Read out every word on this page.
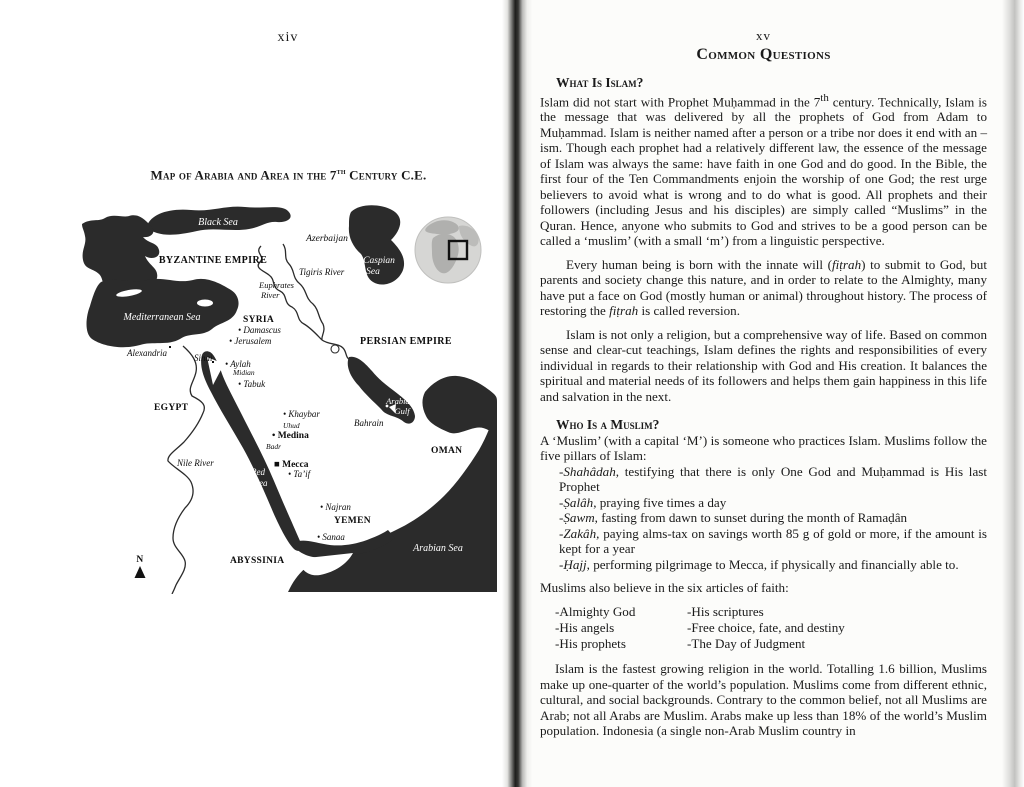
xiv
Map of Arabia and Area in the 7th Century C.E.
N
Black Sea
BYZANTINE EMPIRE
Azerbaijan
Caspian
Sea
Tigiris River
Euphrates
River
Mediterranean Sea	SYRIA
• Damascus
• Jerusalem	PERSIAN EMPIRE
Alexandria	Sinai
• Aylah
Midian
• Tabuk
EGYPT
• Khaybar
Arabian
Gulf
Bahrain
Uhud
• Medina
Badr	OMAN
Nile River	■ Mecca
Red
Sea
• Ta’if
• Najran
YEMEN
• Sanaa
Arabian Sea
ABYSSINIA
xv
Common Questions
What Is Islam?

Islam did not start with Prophet Muḥammad in the 7th century. Technically, Islam is the message that was delivered by all the prophets of God from Adam to Muḥammad. Islam is neither named after a person or a tribe nor does it end with an –ism. Though each prophet had a relatively different law, the essence of the message of Islam was always the same: have faith in one God and do good. In the Bible, the first four of the Ten Commandments enjoin the worship of one God; the rest urge believers to avoid what is wrong and to do what is good. All prophets and their followers (including Jesus and his disciples) are simply called “Muslims” in the Quran. Hence, anyone who submits to God and strives to be a good person can be called a ‘muslim’ (with a small ‘m’) from a linguistic perspective.

Every human being is born with the innate will (fiṭrah) to submit to God, but parents and society change this nature, and in order to relate to the Almighty, many have put a face on God (mostly human or animal) throughout history. The process of restoring the fiṭrah is called reversion.

Islam is not only a religion, but a comprehensive way of life. Based on common sense and clear-cut teachings, Islam defines the rights and responsibilities of every individual in regards to their relationship with God and His creation. It balances the spiritual and material needs of its followers and helps them gain happiness in this life and salvation in the next.

Who Is a Muslim?

A ‘Muslim’ (with a capital ‘M’) is someone who practices Islam. Muslims follow the five pillars of Islam:

-Shahâdah, testifying that there is only One God and Muḥammad is His last Prophet
-Ṣalâh, praying five times a day
-Ṣawm, fasting from dawn to sunset during the month of Ramaḍân
-Zakâh, paying alms-tax on savings worth 85 g of gold or more, if the amount is kept for a year
-Ḥajj, performing pilgrimage to Mecca, if physically and financially able to.

Muslims also believe in the six articles of faith:

-Almighty God	-His scriptures
-His angels	-Free choice, fate, and destiny
-His prophets	-The Day of Judgment

Islam is the fastest growing religion in the world. Totalling 1.6 billion, Muslims make up one-quarter of the world’s population. Muslims come from different ethnic, cultural, and social backgrounds. Contrary to the common belief, not all Muslims are Arab; not all Arabs are Muslim. Arabs make up less than 18% of the world’s Muslim population. Indonesia (a single non-Arab Muslim country in
